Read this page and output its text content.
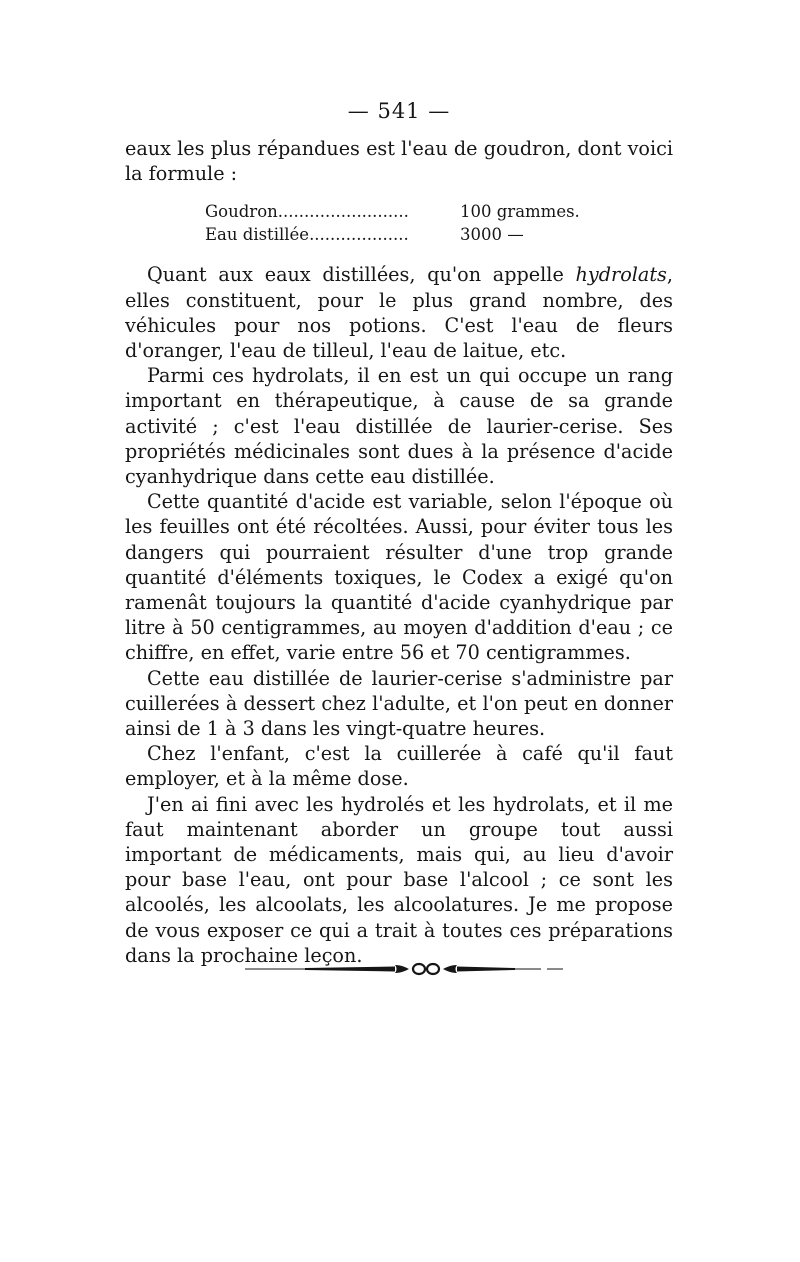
— 541 —

eaux les plus répandues est l'eau de goudron, dont voici la formule :

Goudron.........................	100 grammes.
Eau distillée...................	3000 —

Quant aux eaux distillées, qu'on appelle hydrolats, elles constituent, pour le plus grand nombre, des véhicules pour nos potions. C'est l'eau de fleurs d'oranger, l'eau de tilleul, l'eau de laitue, etc.

Parmi ces hydrolats, il en est un qui occupe un rang important en thérapeutique, à cause de sa grande activité ; c'est l'eau distillée de laurier-cerise. Ses propriétés médicinales sont dues à la présence d'acide cyanhydrique dans cette eau distillée.

Cette quantité d'acide est variable, selon l'époque où les feuilles ont été récoltées. Aussi, pour éviter tous les dangers qui pourraient résulter d'une trop grande quantité d'éléments toxiques, le Codex a exigé qu'on ramenât toujours la quantité d'acide cyanhydrique par litre à 50 centigrammes, au moyen d'addition d'eau ; ce chiffre, en effet, varie entre 56 et 70 centigrammes.

Cette eau distillée de laurier-cerise s'administre par cuillerées à dessert chez l'adulte, et l'on peut en donner ainsi de 1 à 3 dans les vingt-quatre heures.

Chez l'enfant, c'est la cuillerée à café qu'il faut employer, et à la même dose.

J'en ai fini avec les hydrolés et les hydrolats, et il me faut maintenant aborder un groupe tout aussi important de médicaments, mais qui, au lieu d'avoir pour base l'eau, ont pour base l'alcool ; ce sont les alcoolés, les alcoolats, les alcoolatures. Je me propose de vous exposer ce qui a trait à toutes ces préparations dans la prochaine leçon.
